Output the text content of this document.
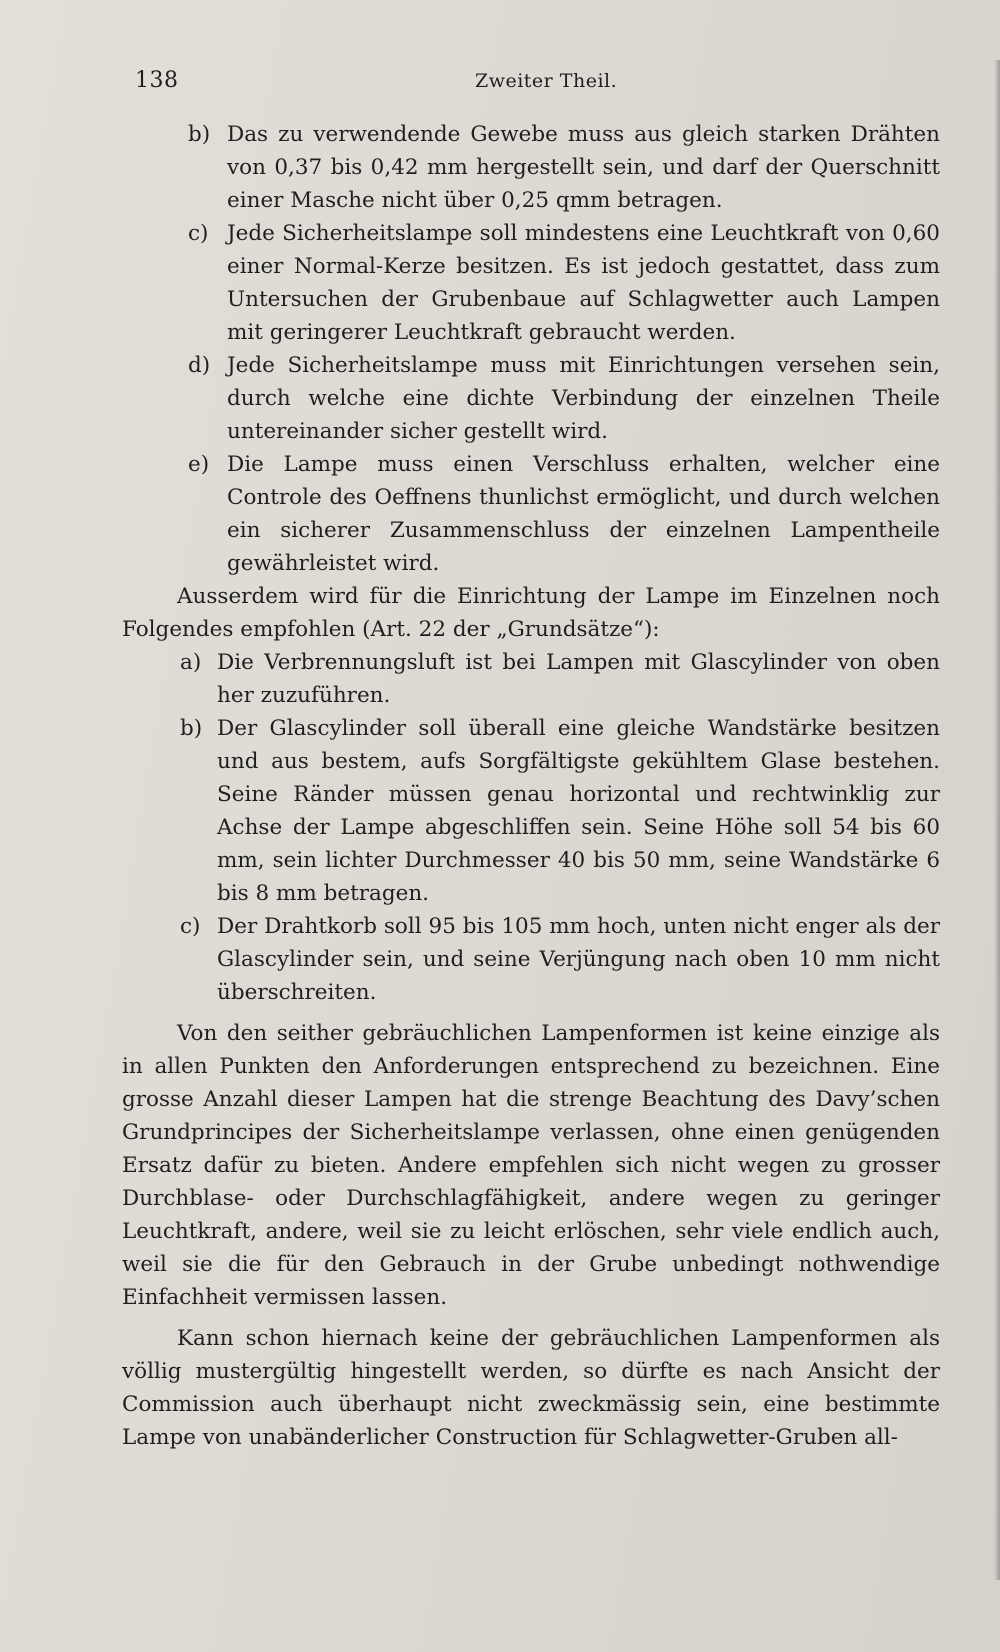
138	Zweiter Theil.

b) Das zu verwendende Gewebe muss aus gleich starken Drähten von 0,37 bis 0,42 mm hergestellt sein, und darf der Querschnitt einer Masche nicht über 0,25 qmm betragen.

c) Jede Sicherheitslampe soll mindestens eine Leuchtkraft von 0,60 einer Normal-Kerze besitzen. Es ist jedoch gestattet, dass zum Untersuchen der Grubenbaue auf Schlagwetter auch Lampen mit geringerer Leuchtkraft gebraucht werden.

d) Jede Sicherheitslampe muss mit Einrichtungen versehen sein, durch welche eine dichte Verbindung der einzelnen Theile untereinander sicher gestellt wird.

e) Die Lampe muss einen Verschluss erhalten, welcher eine Controle des Oeffnens thunlichst ermöglicht, und durch welchen ein sicherer Zusammenschluss der einzelnen Lampentheile gewährleistet wird.

Ausserdem wird für die Einrichtung der Lampe im Einzelnen noch Folgendes empfohlen (Art. 22 der „Grundsätze“):

a) Die Verbrennungsluft ist bei Lampen mit Glascylinder von oben her zuzuführen.

b) Der Glascylinder soll überall eine gleiche Wandstärke besitzen und aus bestem, aufs Sorgfältigste gekühltem Glase bestehen. Seine Ränder müssen genau horizontal und rechtwinklig zur Achse der Lampe abgeschliffen sein. Seine Höhe soll 54 bis 60 mm, sein lichter Durchmesser 40 bis 50 mm, seine Wandstärke 6 bis 8 mm betragen.

c) Der Drahtkorb soll 95 bis 105 mm hoch, unten nicht enger als der Glascylinder sein, und seine Verjüngung nach oben 10 mm nicht überschreiten.

Von den seither gebräuchlichen Lampenformen ist keine einzige als in allen Punkten den Anforderungen entsprechend zu bezeichnen. Eine grosse Anzahl dieser Lampen hat die strenge Beachtung des Davy’schen Grundprincipes der Sicherheitslampe verlassen, ohne einen genügenden Ersatz dafür zu bieten. Andere empfehlen sich nicht wegen zu grosser Durchblase- oder Durchschlagfähigkeit, andere wegen zu geringer Leuchtkraft, andere, weil sie zu leicht erlöschen, sehr viele endlich auch, weil sie die für den Gebrauch in der Grube unbedingt nothwendige Einfachheit vermissen lassen.

Kann schon hiernach keine der gebräuchlichen Lampenformen als völlig mustergültig hingestellt werden, so dürfte es nach Ansicht der Commission auch überhaupt nicht zweckmässig sein, eine bestimmte Lampe von unabänderlicher Construction für Schlagwetter-Gruben all-
